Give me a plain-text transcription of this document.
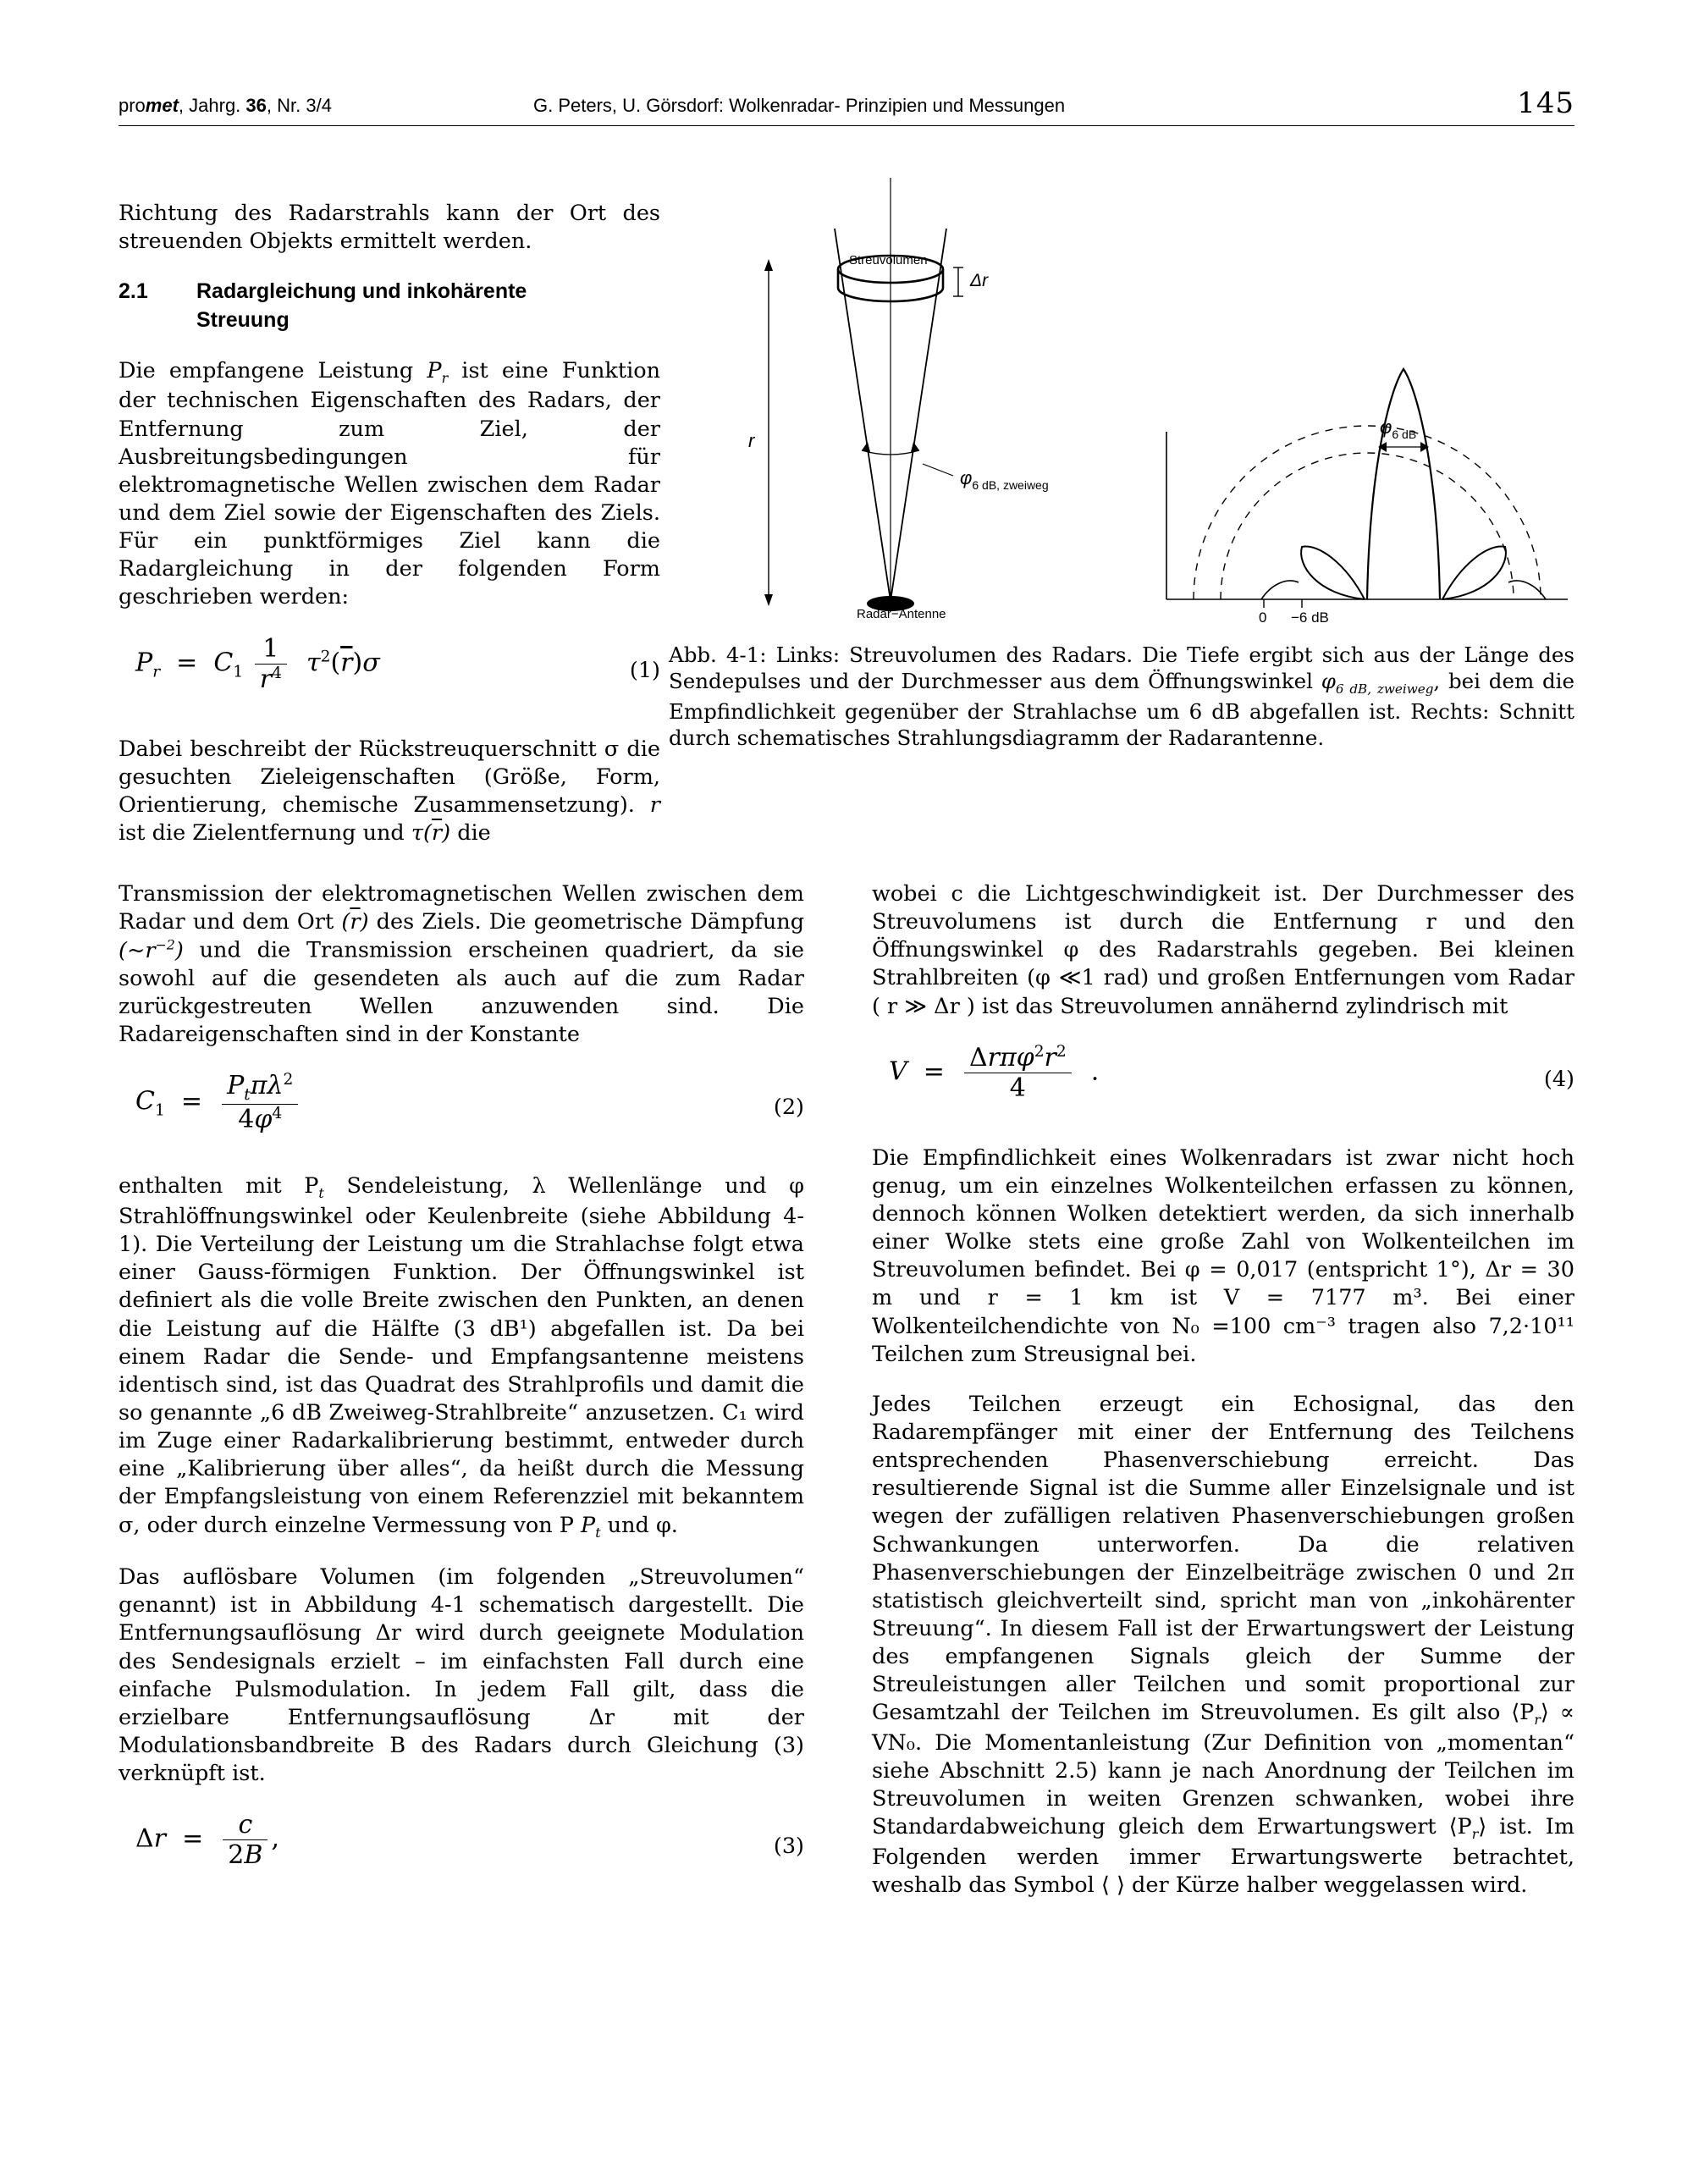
promet, Jahrg. 36, Nr. 3/4	G. Peters, U. Görsdorf: Wolkenradar- Prinzipien und Messungen	145

Richtung des Radarstrahls kann der Ort des streuenden Objekts ermittelt werden.

2.1 Radargleichung und inkohärente
Streuung

Die empfangene Leistung $P_r$ ist eine Funktion der technischen Eigenschaften des Radars, der Entfernung zum Ziel, der Ausbreitungsbedingungen für elektromagnetische Wellen zwischen dem Radar und dem Ziel sowie der Eigenschaften des Ziels. Für ein punktförmiges Ziel kann die Radargleichung in der folgenden Form geschrieben werden:

$P_r = C_1 \frac{1}{r^4} \tau^2(\overline{r})\sigma$	(1)

Dabei beschreibt der Rückstreuquerschnitt σ die gesuchten Zieleigenschaften (Größe, Form, Orientierung, chemische Zusammensetzung). r ist die Zielentfernung und $\tau(\overline{r})$ die

Streuvolumen
Δr
r
$\varphi_{6 dB, zweiweg}$
Radar−Antenne
$\varphi_{6 dB}$
0 −6 dB
Abb. 4-1: Links: Streuvolumen des Radars. Die Tiefe ergibt sich aus der Länge des Sendepulses und der Durchmesser aus dem Öffnungswinkel $\varphi_{6 dB, zweiweg}$, bei dem die Empfindlichkeit gegenüber der Strahlachse um 6 dB abgefallen ist. Rechts: Schnitt durch schematisches Strahlungsdiagramm der Radarantenne.

Transmission der elektromagnetischen Wellen zwischen dem Radar und dem Ort $(\overline{r})$ des Ziels. Die geometrische Dämpfung $(\sim r^{-2})$ und die Transmission erscheinen quadriert, da sie sowohl auf die gesendeten als auch auf die zum Radar zurückgestreuten Wellen anzuwenden sind. Die Radareigenschaften sind in der Konstante

$C_1 = \frac{P_t\pi\lambda^2}{4\varphi^4}$	(2)

enthalten mit $P_t$ Sendeleistung, λ Wellenlänge und φ Strahlöffnungswinkel oder Keulenbreite (siehe Abbildung 4-1). Die Verteilung der Leistung um die Strahlachse folgt etwa einer Gauss-förmigen Funktion. Der Öffnungswinkel ist definiert als die volle Breite zwischen den Punkten, an denen die Leistung auf die Hälfte (3 dB¹) abgefallen ist. Da bei einem Radar die Sende- und Empfangsantenne meistens identisch sind, ist das Quadrat des Strahlprofils und damit die so genannte „6 dB Zweiweg-Strahlbreite“ anzusetzen. C₁ wird im Zuge einer Radarkalibrierung bestimmt, entweder durch eine „Kalibrierung über alles“, da heißt durch die Messung der Empfangsleistung von einem Referenzziel mit bekanntem σ, oder durch einzelne Vermessung von P $P_t$ und φ.

Das auflösbare Volumen (im folgenden „Streuvolumen“ genannt) ist in Abbildung 4-1 schematisch dargestellt. Die Entfernungsauflösung Δr wird durch geeignete Modulation des Sendesignals erzielt – im einfachsten Fall durch eine einfache Pulsmodulation. In jedem Fall gilt, dass die erzielbare Entfernungsauflösung Δr mit der Modulationsbandbreite B des Radars durch Gleichung (3) verknüpft ist.

$\Delta r = \frac{c}{2B}$ ,	(3)

wobei c die Lichtgeschwindigkeit ist. Der Durchmesser des Streuvolumens ist durch die Entfernung r und den Öffnungswinkel φ des Radarstrahls gegeben. Bei kleinen Strahlbreiten (φ ≪1 rad) und großen Entfernungen vom Radar ( r ≫ Δr ) ist das Streuvolumen annähernd zylindrisch mit

$V = \frac{\Delta r\pi\varphi^2r^2}{4}$ .	(4)

Die Empfindlichkeit eines Wolkenradars ist zwar nicht hoch genug, um ein einzelnes Wolkenteilchen erfassen zu können, dennoch können Wolken detektiert werden, da sich innerhalb einer Wolke stets eine große Zahl von Wolkenteilchen im Streuvolumen befindet. Bei φ = 0,017 (entspricht 1°), Δr = 30 m und r = 1 km ist V = 7177 m³. Bei einer Wolkenteilchendichte von N₀ =100 cm⁻³ tragen also 7,2·10¹¹ Teilchen zum Streusignal bei.

Jedes Teilchen erzeugt ein Echosignal, das den Radarempfänger mit einer der Entfernung des Teilchens entsprechenden Phasenverschiebung erreicht. Das resultierende Signal ist die Summe aller Einzelsignale und ist wegen der zufälligen relativen Phasenverschiebungen großen Schwankungen unterworfen. Da die relativen Phasenverschiebungen der Einzelbeiträge zwischen 0 und 2π statistisch gleichverteilt sind, spricht man von „inkohärenter Streuung“. In diesem Fall ist der Erwartungswert der Leistung des empfangenen Signals gleich der Summe der Streuleistungen aller Teilchen und somit proportional zur Gesamtzahl der Teilchen im Streuvolumen. Es gilt also $⟨P_r⟩ \propto VN_0$. Die Momentanleistung (Zur Definition von „momentan“ siehe Abschnitt 2.5) kann je nach Anordnung der Teilchen im Streuvolumen in weiten Grenzen schwanken, wobei ihre Standardabweichung gleich dem Erwartungswert $⟨P_r⟩$ ist. Im Folgenden werden immer Erwartungswerte betrachtet, weshalb das Symbol ⟨ ⟩ der Kürze halber weggelassen wird.
